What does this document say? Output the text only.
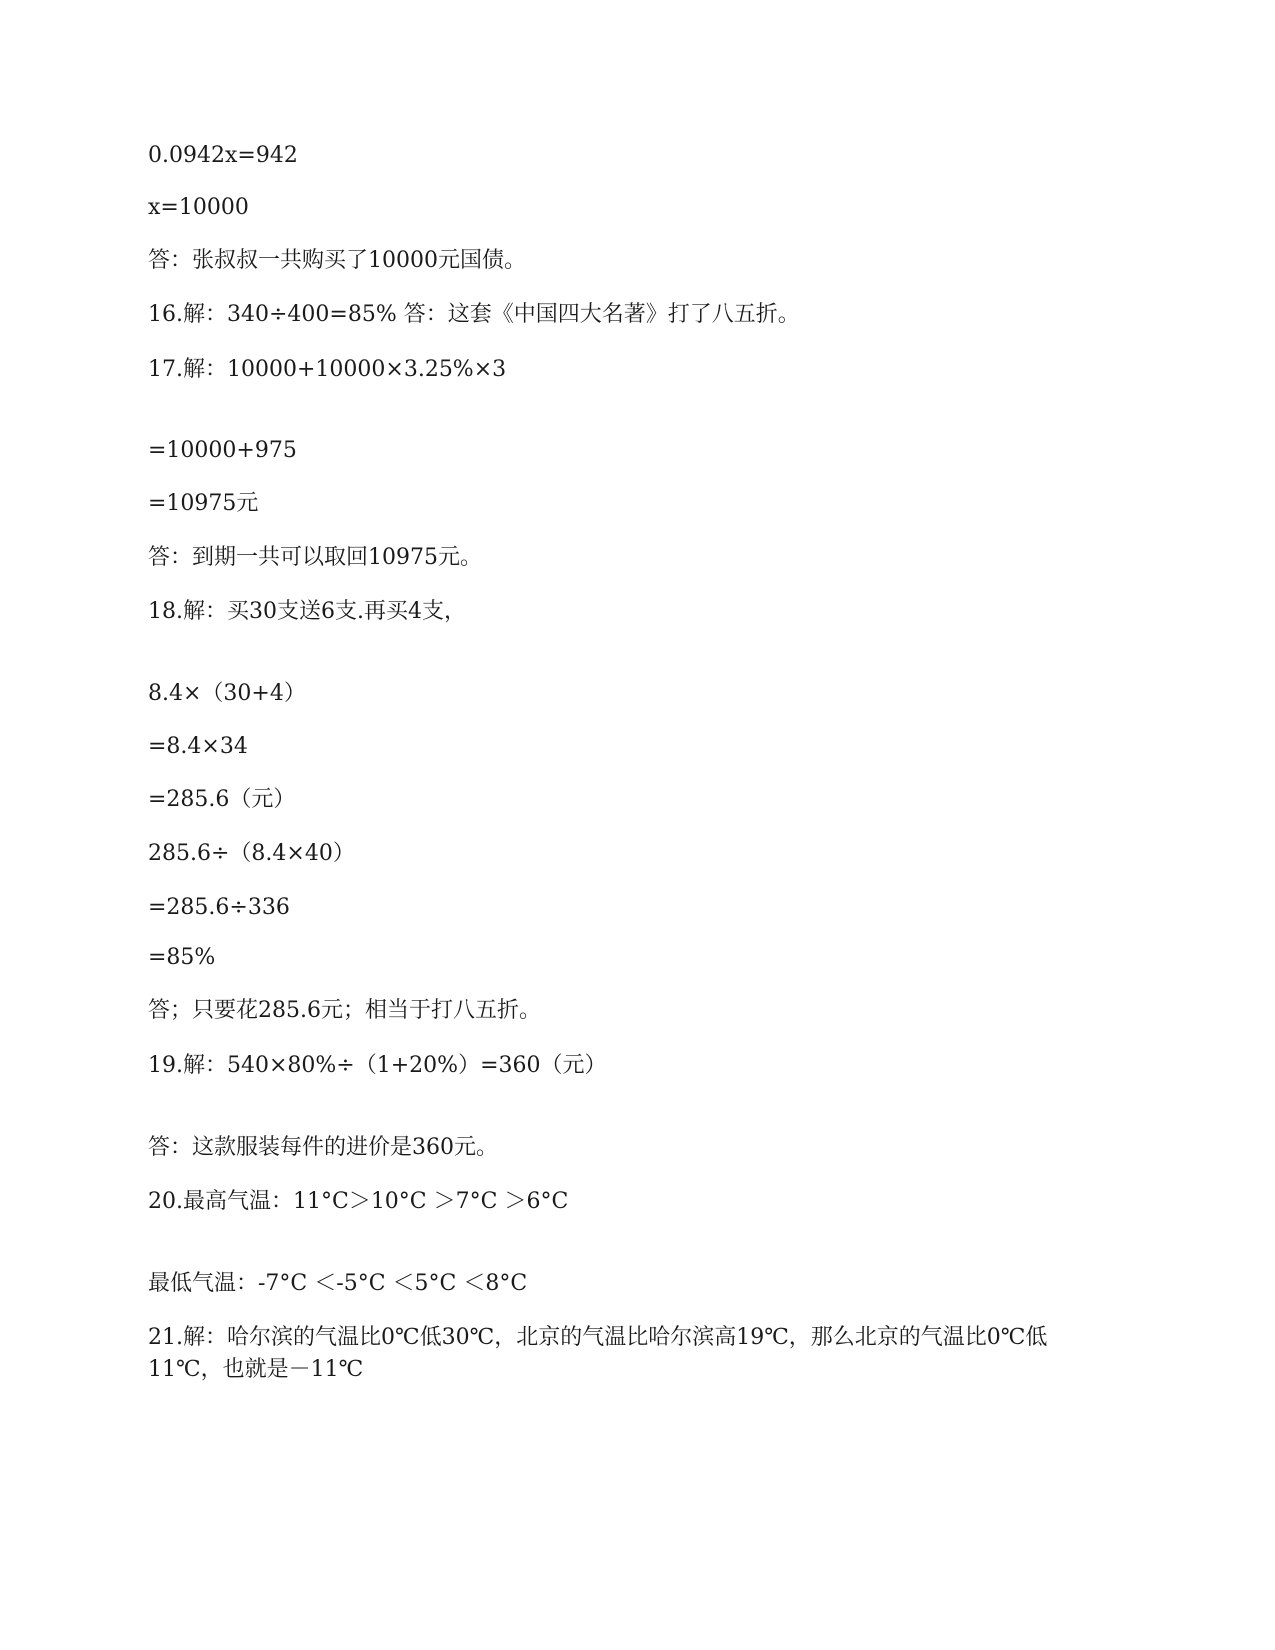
0.0942x=942
x=10000
答：张叔叔一共购买了10000元国债。
16.解：340÷400=85% 答：这套《中国四大名著》打了八五折。
17.解：10000+10000×3.25%×3
=10000+975
=10975元
答：到期一共可以取回10975元。
18.解：买30支送6支.再买4支，
8.4×（30+4）
=8.4×34
=285.6（元）
285.6÷（8.4×40）
=285.6÷336
=85%
答；只要花285.6元；相当于打八五折。
19.解：540×80%÷（1+20%）=360（元）
答：这款服装每件的进价是360元。
20.最高气温：11°C＞10°C ＞7°C ＞6°C
最低气温：-7°C ＜-5°C ＜5°C ＜8°C
21.解：哈尔滨的气温比0℃低30℃，北京的气温比哈尔滨高19℃，那么北京的气温比0℃低
11℃，也就是－11℃
